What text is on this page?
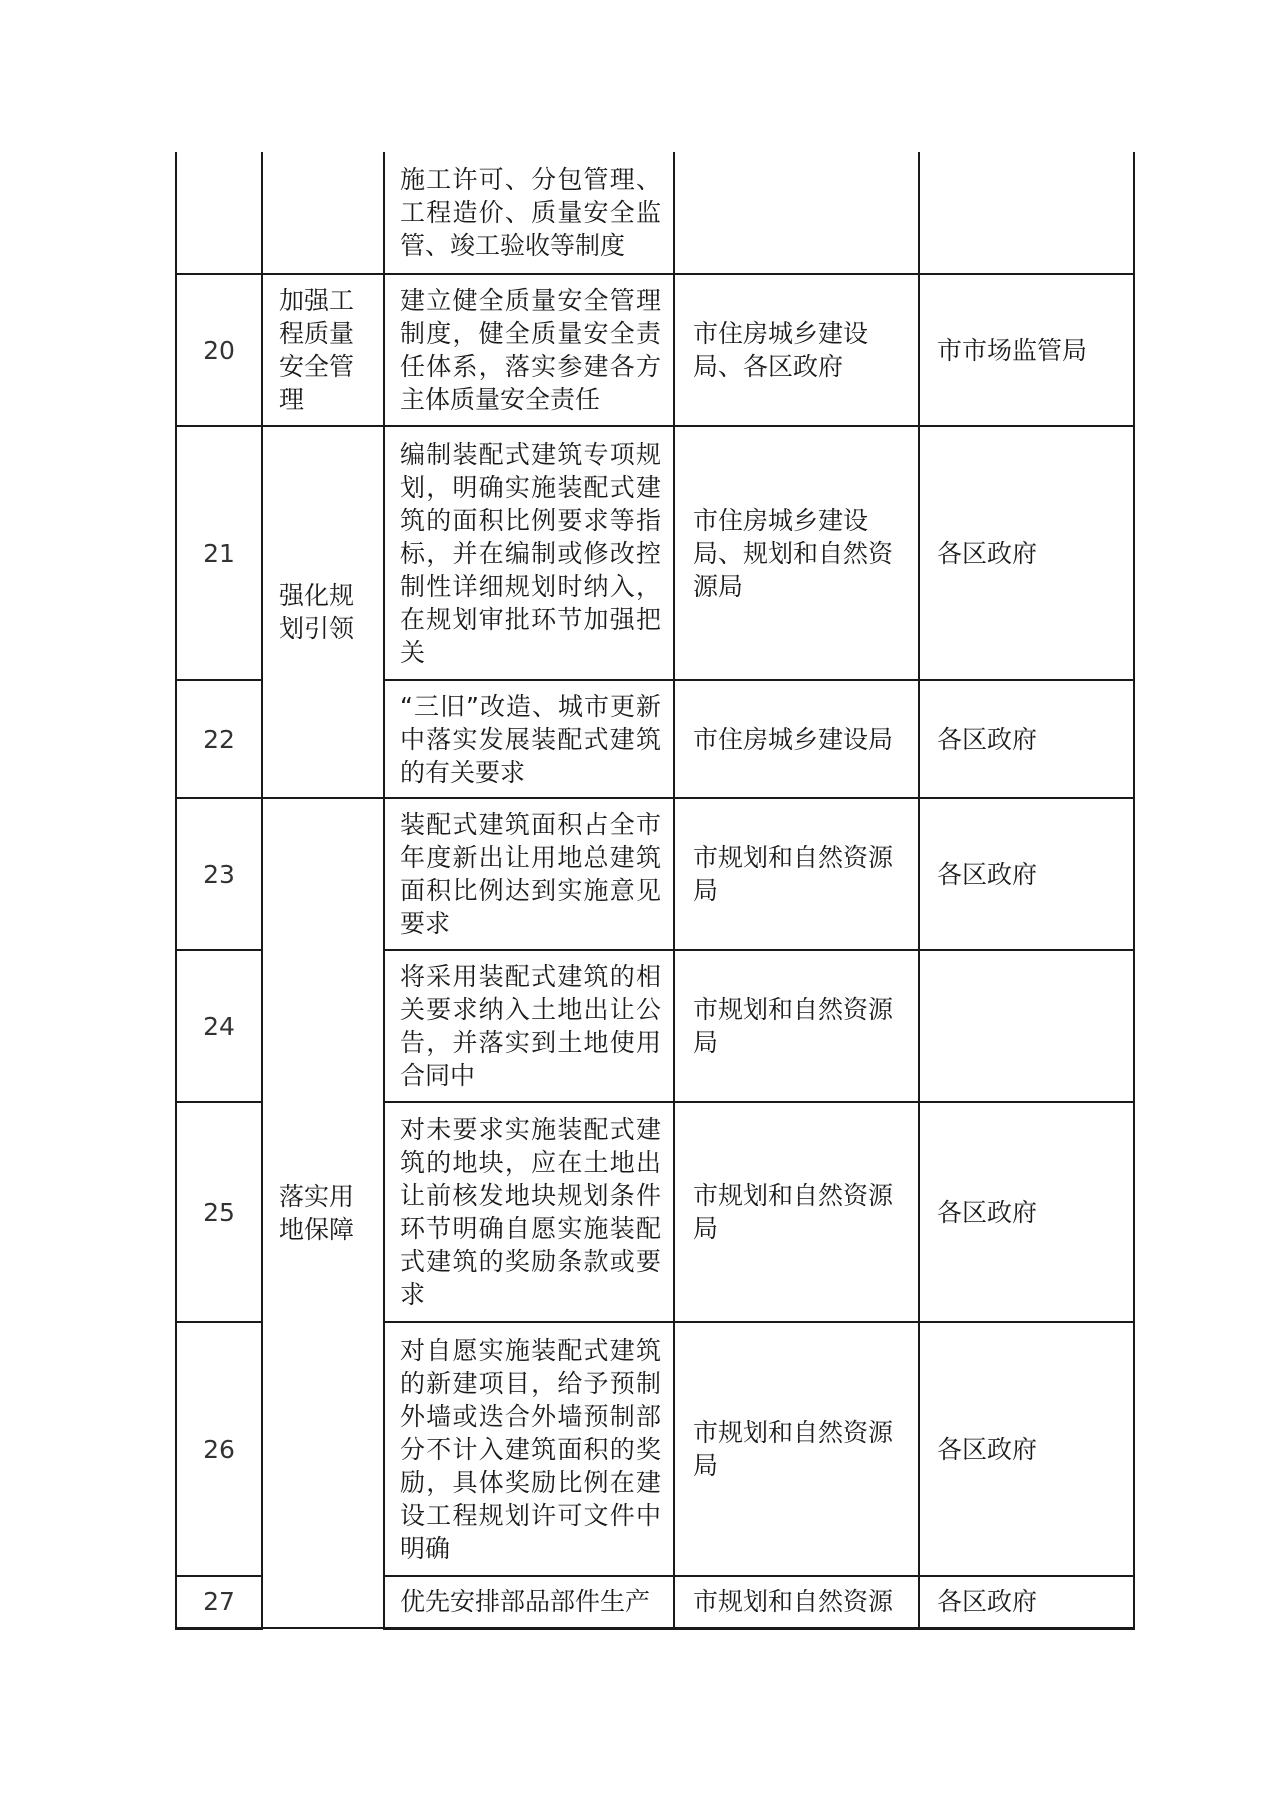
		施工许可、分包管理、工程造价、质量安全监管、竣工验收等制度		

20	加强工程质量安全管理	建立健全质量安全管理制度，健全质量安全责任体系，落实参建各方主体质量安全责任	市住房城乡建设局、各区政府	市市场监管局

21	强化规划引领	编制装配式建筑专项规划，明确实施装配式建筑的面积比例要求等指标，并在编制或修改控制性详细规划时纳入，在规划审批环节加强把关	市住房城乡建设局、规划和自然资源局	各区政府

22		“三旧”改造、城市更新中落实发展装配式建筑的有关要求	市住房城乡建设局	各区政府

23	落实用地保障	装配式建筑面积占全市年度新出让用地总建筑面积比例达到实施意见要求	市规划和自然资源局	各区政府

24		将采用装配式建筑的相关要求纳入土地出让公告，并落实到土地使用合同中	市规划和自然资源局	

25		对未要求实施装配式建筑的地块，应在土地出让前核发地块规划条件环节明确自愿实施装配式建筑的奖励条款或要求	市规划和自然资源局	各区政府

26		对自愿实施装配式建筑的新建项目，给予预制外墙或迭合外墙预制部分不计入建筑面积的奖励，具体奖励比例在建设工程规划许可文件中明确	市规划和自然资源局	各区政府

27		优先安排部品部件生产	市规划和自然资源	各区政府
